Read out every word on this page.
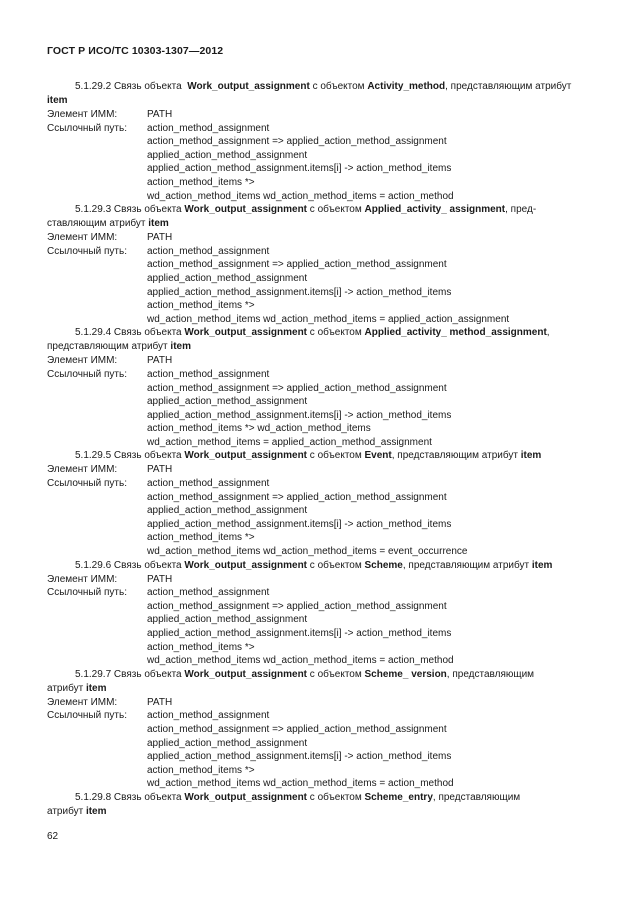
ГОСТ Р ИСО/ТС 10303-1307—2012

5.1.29.2 Связь объекта Work_output_assignment с объектом Activity_method, представляющим атрибут

item

Элемент ИММ:	PATH
Ссылочный путь:	action_method_assignment
action_method_assignment => applied_action_method_assignment
applied_action_method_assignment
applied_action_method_assignment.items[i] -> action_method_items
action_method_items *>
wd_action_method_items wd_action_method_items = action_method

5.1.29.3 Связь объекта Work_output_assignment с объектом Applied_activity_ assignment, пред-

ставляющим атрибут item

Элемент ИММ:	PATH
Ссылочный путь:	action_method_assignment
action_method_assignment => applied_action_method_assignment
applied_action_method_assignment
applied_action_method_assignment.items[i] -> action_method_items
action_method_items *>
wd_action_method_items wd_action_method_items = applied_action_assignment

5.1.29.4 Связь объекта Work_output_assignment с объектом Applied_activity_ method_assignment,

представляющим атрибут item

Элемент ИММ:	PATH
Ссылочный путь:	action_method_assignment
action_method_assignment => applied_action_method_assignment
applied_action_method_assignment
applied_action_method_assignment.items[i] -> action_method_items
action_method_items *> wd_action_method_items
wd_action_method_items = applied_action_method_assignment

5.1.29.5 Связь объекта Work_output_assignment с объектом Event, представляющим атрибут item

Элемент ИММ:	PATH
Ссылочный путь:	action_method_assignment
action_method_assignment => applied_action_method_assignment
applied_action_method_assignment
applied_action_method_assignment.items[i] -> action_method_items
action_method_items *>
wd_action_method_items wd_action_method_items = event_occurrence

5.1.29.6 Связь объекта Work_output_assignment с объектом Scheme, представляющим атрибут item

Элемент ИММ:	PATH
Ссылочный путь:	action_method_assignment
action_method_assignment => applied_action_method_assignment
applied_action_method_assignment
applied_action_method_assignment.items[i] -> action_method_items
action_method_items *>
wd_action_method_items wd_action_method_items = action_method

5.1.29.7 Связь объекта Work_output_assignment с объектом Scheme_ version, представляющим

атрибут item

Элемент ИММ:	PATH
Ссылочный путь:	action_method_assignment
action_method_assignment => applied_action_method_assignment
applied_action_method_assignment
applied_action_method_assignment.items[i] -> action_method_items
action_method_items *>
wd_action_method_items wd_action_method_items = action_method

5.1.29.8 Связь объекта Work_output_assignment с объектом Scheme_entry, представляющим

атрибут item

62
